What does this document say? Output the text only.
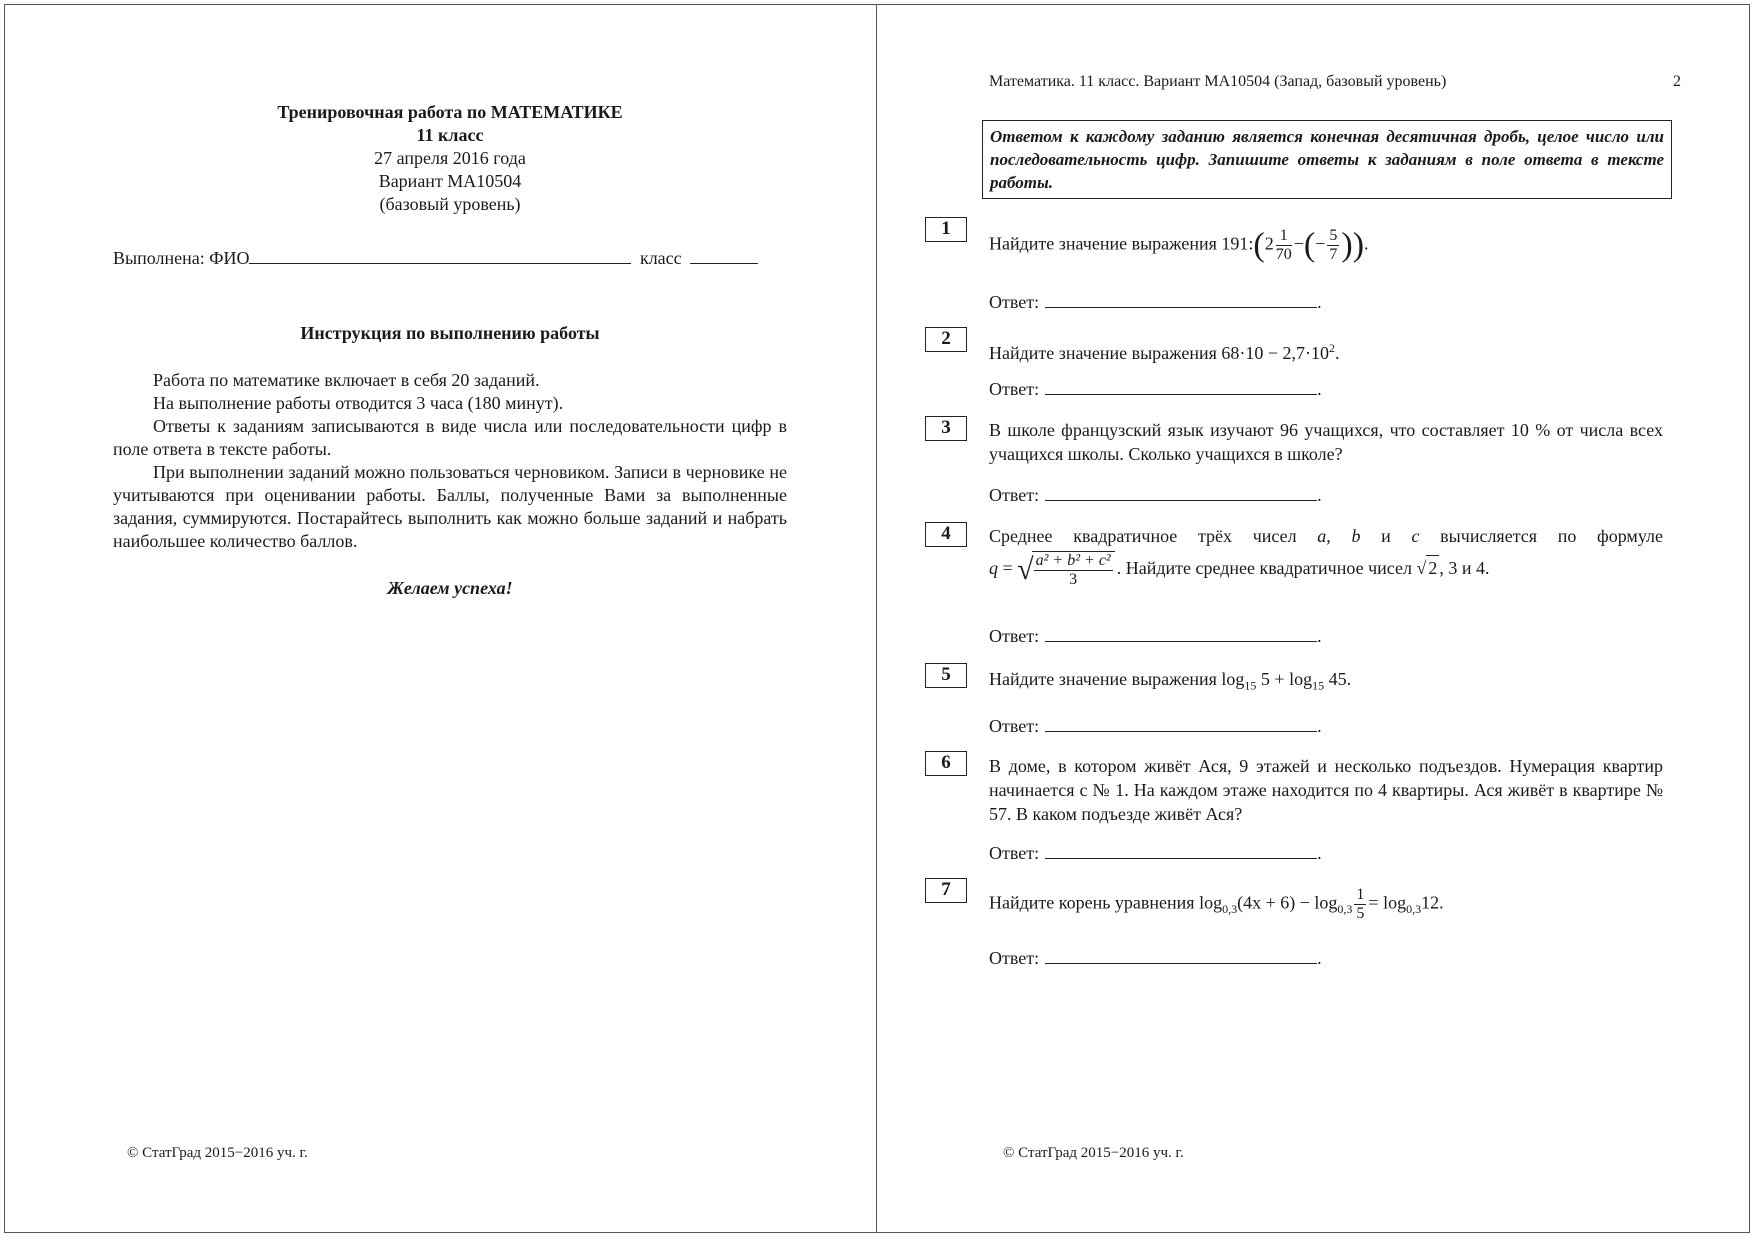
Тренировочная работа по МАТЕМАТИКЕ
11 класс
27 апреля 2016 года
Вариант МА10504
(базовый уровень)
Выполнена: ФИО	класс
Инструкция по выполнению работы

Работа по математике включает в себя 20 заданий.

На выполнение работы отводится 3 часа (180 минут).

Ответы к заданиям записываются в виде числа или последовательности цифр в поле ответа в тексте работы.

При выполнении заданий можно пользоваться черновиком. Записи в черновике не учитываются при оценивании работы. Баллы, полученные Вами за выполненные задания, суммируются. Постарайтесь выполнить как можно больше заданий и набрать наибольшее количество баллов.

Желаем успеха!
© СтатГрад 2015−2016 уч. г.
Математика. 11 класс. Вариант МА10504 (Запад, базовый уровень)	2
Ответом к каждому заданию является конечная десятичная дробь, целое число или последовательность цифр. Запишите ответы к заданиям в поле ответа в тексте работы.
1
Найдите значение выражения 191:(2 $\frac{1}{70}$ −(− $\frac{5}{7}$ )).
Ответ:	.
2
Найдите значение выражения $68\cdot 10 - 2,7\cdot 10^2$.
Ответ:	.
3	В школе французский язык изучают 96 учащихся, что составляет 10 % от числа всех учащихся школы. Сколько учащихся в школе?
Ответ:	.
4	Среднее квадратичное трёх чисел a, b и c вычисляется по формуле
q = √
$\frac{\text{a² + b² + c²}}{3}$ . Найдите среднее квадратичное чисел √ 2 , 3 и 4.
Ответ:	.
5	Найдите значение выражения $\log_{15} 5 + \log_{15} 45$.
Ответ:	.
6	В доме, в котором живёт Ася, 9 этажей и несколько подъездов. Нумерация квартир начинается с № 1. На каждом этаже находится по 4 квартиры. Ася живёт в квартире № 57. В каком подъезде живёт Ася?
Ответ:	.
7
Найдите корень уравнения $\log_{0,3}(4x + 6) - \log_{0,3} \frac{1}{5} = \log_{0,3}12$.
Ответ:	.
© СтатГрад 2015−2016 уч. г.
